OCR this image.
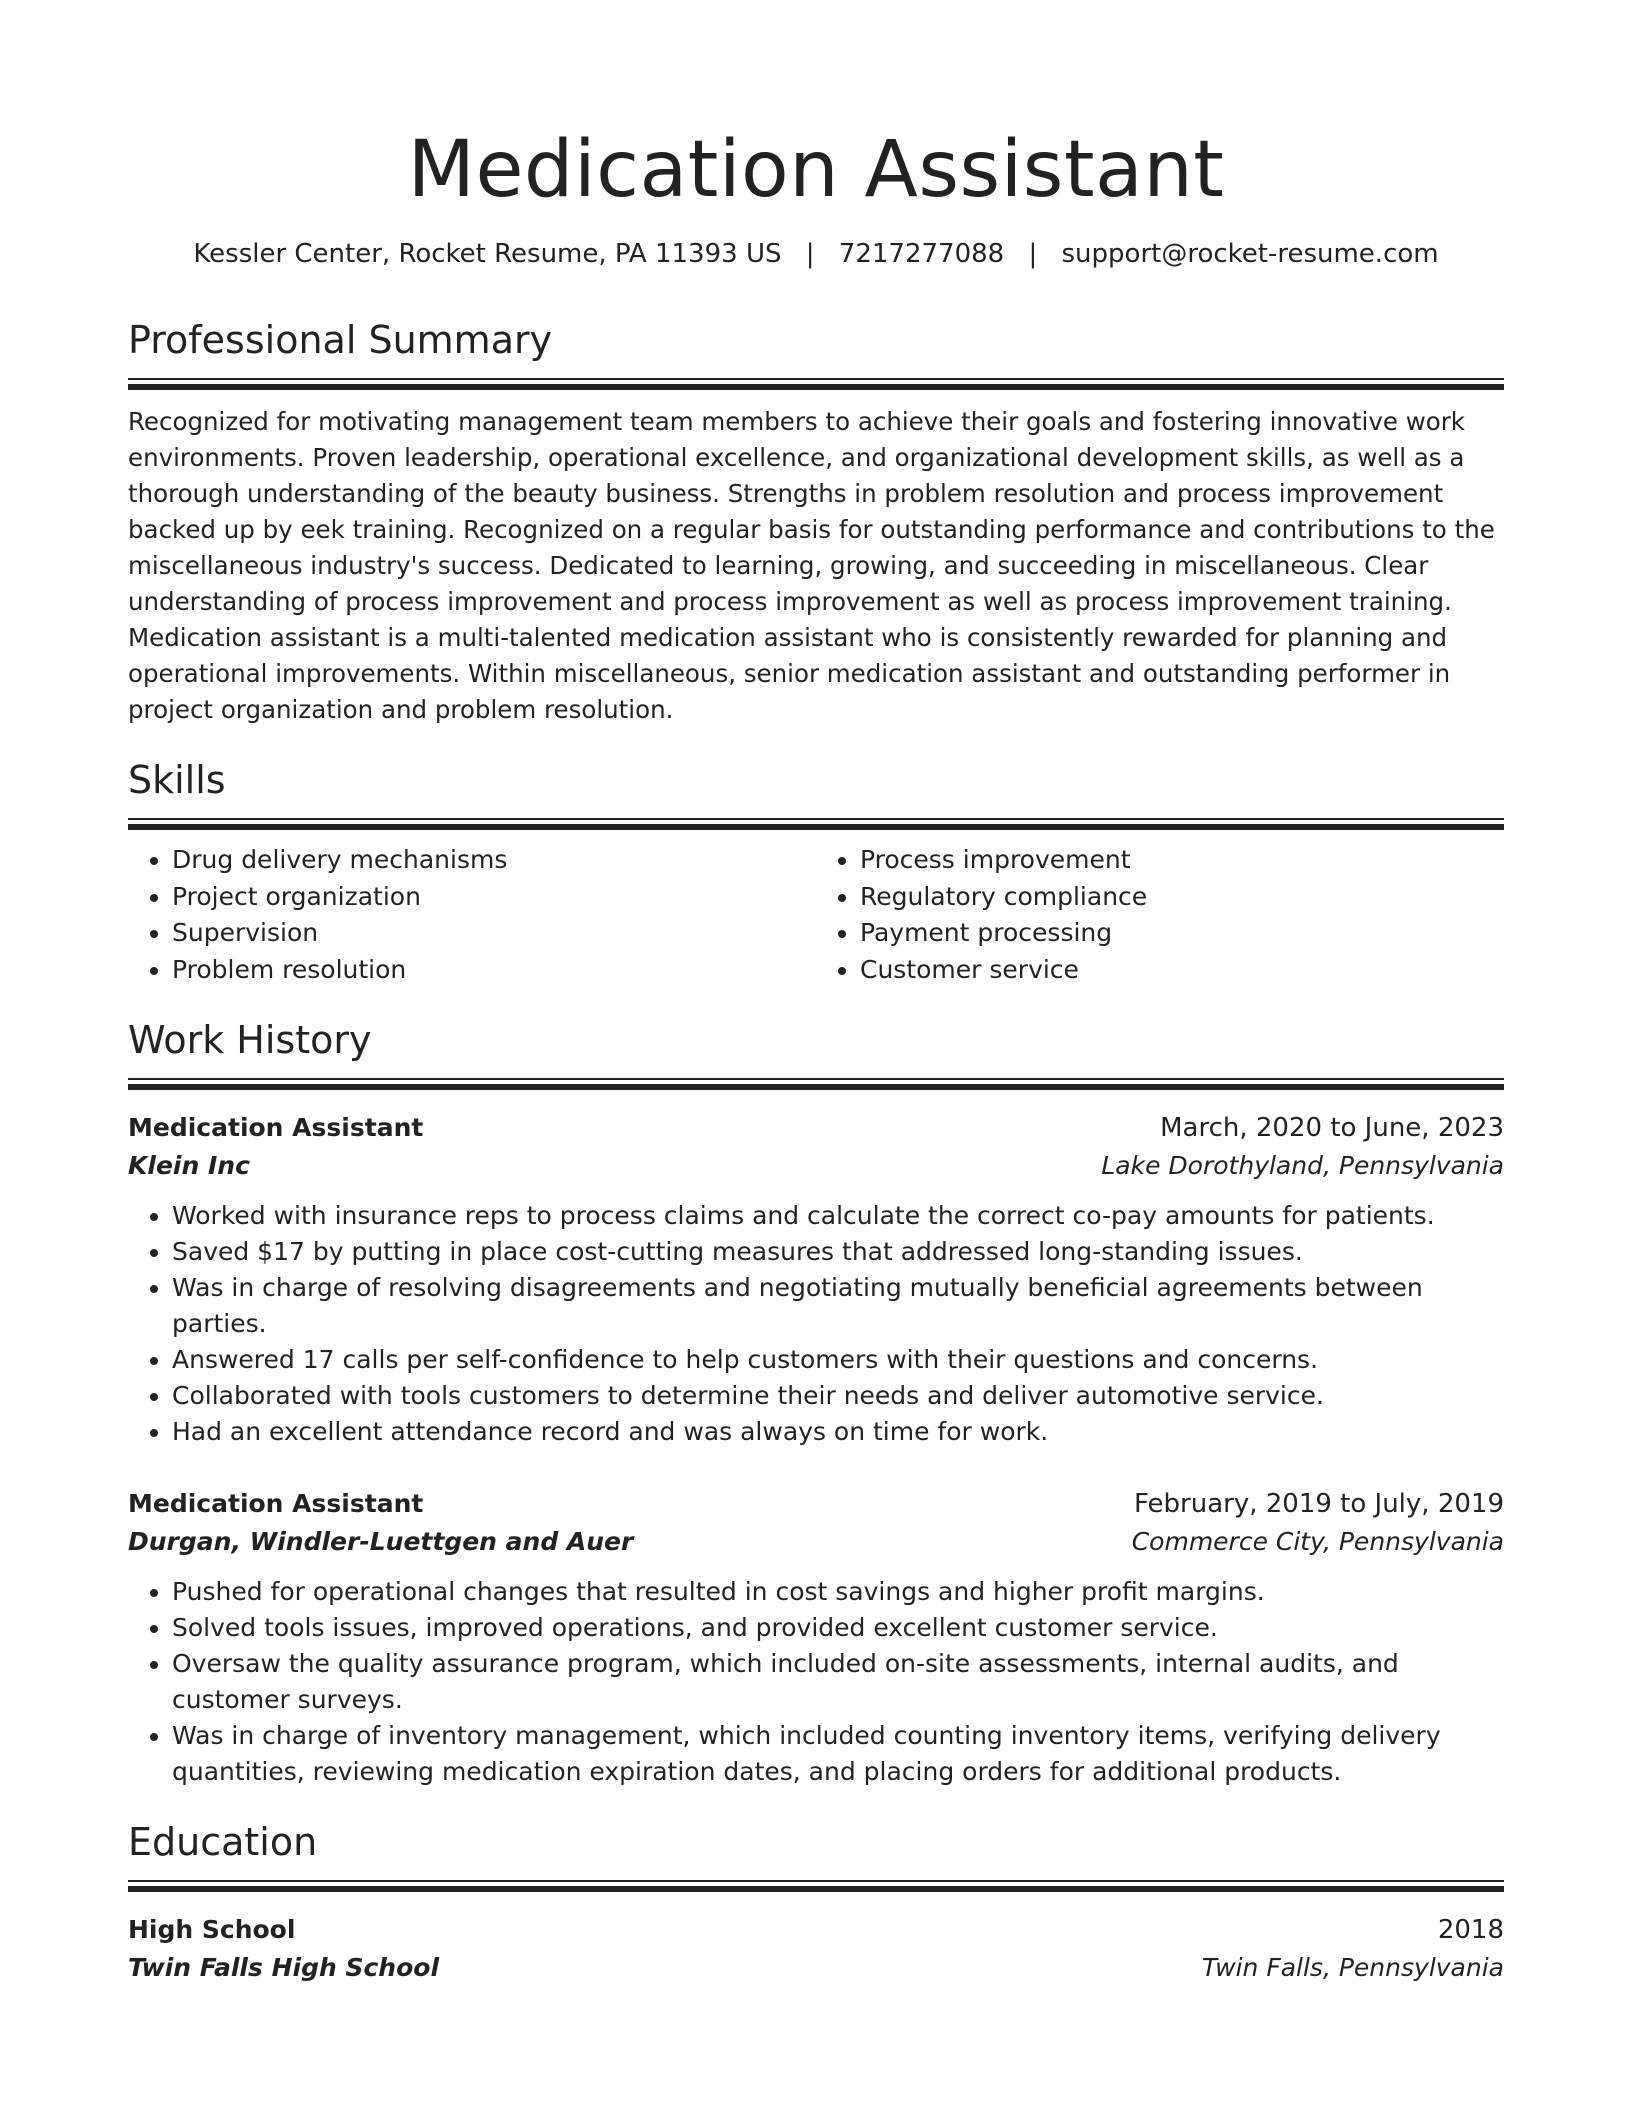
Medication Assistant
Kessler Center, Rocket Resume, PA 11393 US | 7217277088 | support@rocket-resume.com
Professional Summary
Recognized for motivating management team members to achieve their goals and fostering innovative work environments. Proven leadership, operational excellence, and organizational development skills, as well as a thorough understanding of the beauty business. Strengths in problem resolution and process improvement backed up by eek training. Recognized on a regular basis for outstanding performance and contributions to the miscellaneous industry's success. Dedicated to learning, growing, and succeeding in miscellaneous. Clear understanding of process improvement and process improvement as well as process improvement training. Medication assistant is a multi-talented medication assistant who is consistently rewarded for planning and operational improvements. Within miscellaneous, senior medication assistant and outstanding performer in project organization and problem resolution.
Skills
• Drug delivery mechanisms
• Project organization
• Supervision
• Problem resolution
• Process improvement
• Regulatory compliance
• Payment processing
• Customer service
Work History
Medication Assistant	March, 2020 to June, 2023
Klein Inc	Lake Dorothyland, Pennsylvania
• Worked with insurance reps to process claims and calculate the correct co-pay amounts for patients.
• Saved $17 by putting in place cost-cutting measures that addressed long-standing issues.
• Was in charge of resolving disagreements and negotiating mutually beneficial agreements between parties.
• Answered 17 calls per self-confidence to help customers with their questions and concerns.
• Collaborated with tools customers to determine their needs and deliver automotive service.
• Had an excellent attendance record and was always on time for work.
Medication Assistant	February, 2019 to July, 2019
Durgan, Windler-Luettgen and Auer	Commerce City, Pennsylvania
• Pushed for operational changes that resulted in cost savings and higher profit margins.
• Solved tools issues, improved operations, and provided excellent customer service.
• Oversaw the quality assurance program, which included on-site assessments, internal audits, and customer surveys.
• Was in charge of inventory management, which included counting inventory items, verifying delivery quantities, reviewing medication expiration dates, and placing orders for additional products.
Education
High School	2018
Twin Falls High School	Twin Falls, Pennsylvania
